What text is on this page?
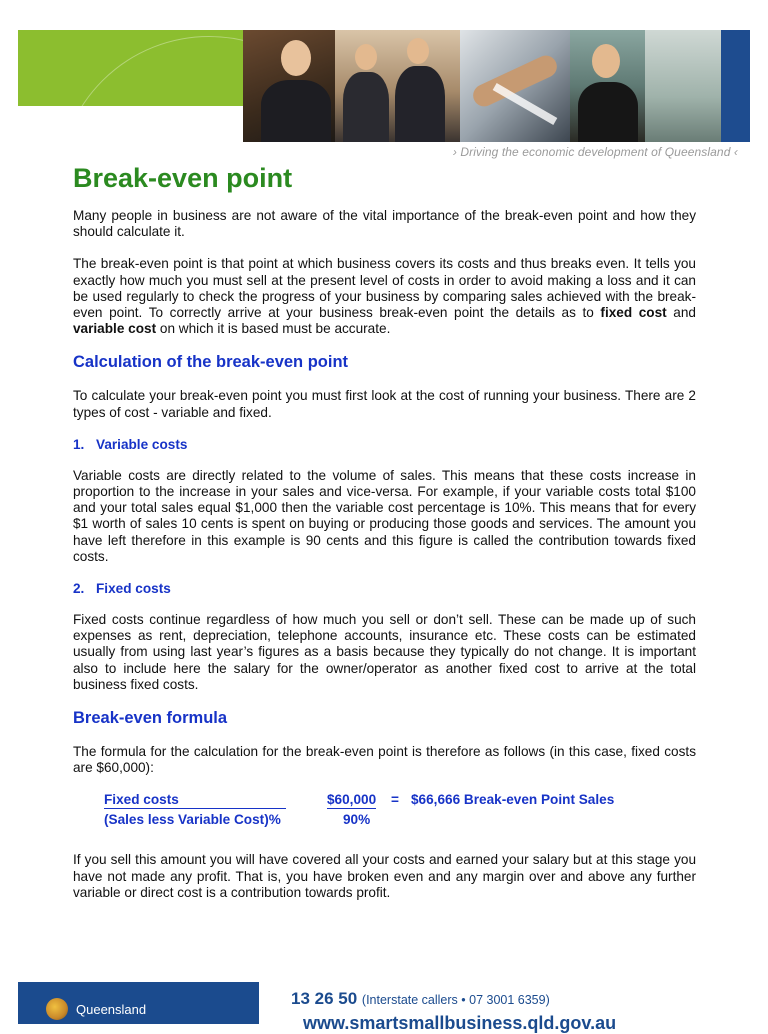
› Driving the economic development of Queensland ‹
Break-even point

Many people in business are not aware of the vital importance of the break-even point and how they should calculate it.

The break-even point is that point at which business covers its costs and thus breaks even. It tells you exactly how much you must sell at the present level of costs in order to avoid making a loss and it can be used regularly to check the progress of your business by comparing sales achieved with the break-even point. To correctly arrive at your business break-even point the details as to fixed cost and variable cost on which it is based must be accurate.

Calculation of the break-even point

To calculate your break-even point you must first look at the cost of running your business. There are 2 types of cost - variable and fixed.

1. Variable costs

Variable costs are directly related to the volume of sales. This means that these costs increase in proportion to the increase in your sales and vice-versa. For example, if your variable costs total $100 and your total sales equal $1,000 then the variable cost percentage is 10%. This means that for every $1 worth of sales 10 cents is spent on buying or producing those goods and services. The amount you have left therefore in this example is 90 cents and this figure is called the contribution towards fixed costs.

2. Fixed costs

Fixed costs continue regardless of how much you sell or don’t sell. These can be made up of such expenses as rent, depreciation, telephone accounts, insurance etc. These costs can be estimated usually from using last year’s figures as a basis because they typically do not change. It is important also to include here the salary for the owner/operator as another fixed cost to arrive at the total business fixed costs.

Break-even formula

The formula for the calculation for the break-even point is therefore as follows (in this case, fixed costs are $60,000):

Fixed costs
(Sales less Variable Cost)%
$60,000
90%
= $66,666 Break-even Point Sales

If you sell this amount you will have covered all your costs and earned your salary but at this stage you have not made any profit. That is, you have broken even and any margin over and above any further variable or direct cost is a contribution towards profit.

Queensland
13 26 50 (Interstate callers • 07 3001 6359)
www.smartsmallbusiness.qld.gov.au
